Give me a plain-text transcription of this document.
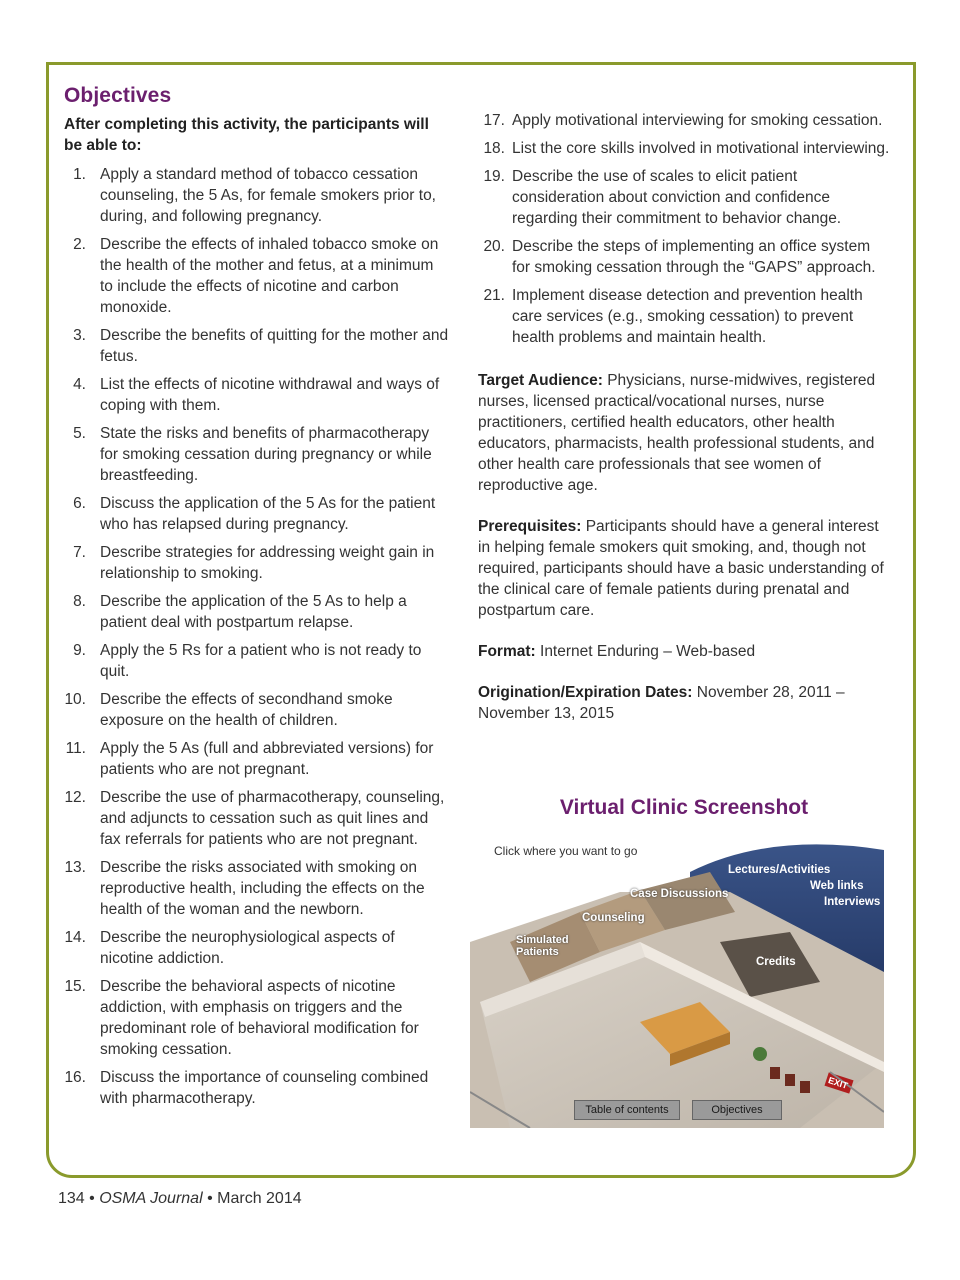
Objectives
After completing this activity, the participants will be able to:
1. Apply a standard method of tobacco cessation counseling, the 5 As, for female smokers prior to, during, and following pregnancy.
2. Describe the effects of inhaled tobacco smoke on the health of the mother and fetus, at a minimum to include the effects of nicotine and carbon monoxide.
3. Describe the benefits of quitting for the mother and fetus.
4. List the effects of nicotine withdrawal and ways of coping with them.
5. State the risks and benefits of pharmacotherapy for smoking cessation during pregnancy or while breastfeeding.
6. Discuss the application of the 5 As for the patient who has relapsed during pregnancy.
7. Describe strategies for addressing weight gain in relationship to smoking.
8. Describe the application of the 5 As to help a patient deal with postpartum relapse.
9. Apply the 5 Rs for a patient who is not ready to quit.
10. Describe the effects of secondhand smoke exposure on the health of children.
11. Apply the 5 As (full and abbreviated versions) for patients who are not pregnant.
12. Describe the use of pharmacotherapy, counseling, and adjuncts to cessation such as quit lines and fax referrals for patients who are not pregnant.
13. Describe the risks associated with smoking on reproductive health, including the effects on the health of the woman and the newborn.
14. Describe the neurophysiological aspects of nicotine addiction.
15. Describe the behavioral aspects of nicotine addiction, with emphasis on triggers and the predominant role of behavioral modification for smoking cessation.
16. Discuss the importance of counseling combined with pharmacotherapy.
17. Apply motivational interviewing for smoking cessation.
18. List the core skills involved in motivational interviewing.
19. Describe the use of scales to elicit patient consideration about conviction and confidence regarding their commitment to behavior change.
20. Describe the steps of implementing an office system for smoking cessation through the “GAPS” approach.
21. Implement disease detection and prevention health care services (e.g., smoking cessation) to prevent health problems and maintain health.
Target Audience: Physicians, nurse-midwives, registered nurses, licensed practical/vocational nurses, nurse practitioners, certified health educators, other health educators, pharmacists, health professional students, and other health care professionals that see women of reproductive age.
Prerequisites: Participants should have a general interest in helping female smokers quit smoking, and, though not required, participants should have a basic understanding of the clinical care of female patients during prenatal and postpartum care.
Format: Internet Enduring – Web-based
Origination/Expiration Dates: November 28, 2011 – November 13, 2015
Virtual Clinic Screenshot
Click where you want to go
Lectures/Activities
Web links
Interviews
Case Discussions
Counseling
Simulated
Patients
Credits
EXIT
Table of contents	Objectives
134 • OSMA Journal • March 2014
